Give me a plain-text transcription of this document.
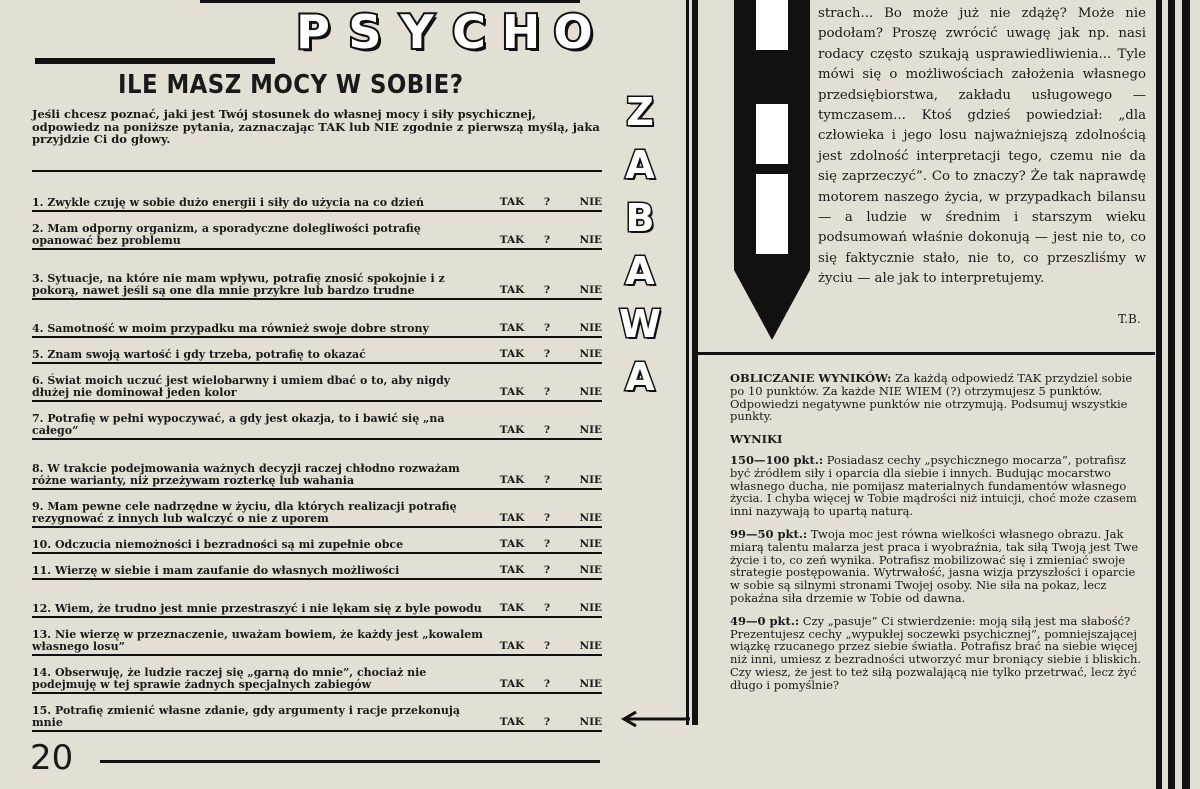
P S Y C H O
ILE MASZ MOCY W SOBIE?
Jeśli chcesz poznać, jaki jest Twój stosunek do własnej mocy i siły psychicznej, odpowiedz na poniższe pytania, zaznaczając TAK lub NIE zgodnie z pierwszą myślą, jaka przyjdzie Ci do głowy.
1. Zwykle czuję w sobie dużo energii i siły do użycia na co dzień	TAK	?	NIE
2. Mam odporny organizm, a sporadyczne dolegliwości potrafię opanować bez problemu	TAK	?	NIE
3. Sytuacje, na które nie mam wpływu, potrafię znosić spokojnie i z pokorą, nawet jeśli są one dla mnie przykre lub bardzo trudne	TAK	?	NIE
4. Samotność w moim przypadku ma również swoje dobre strony	TAK	?	NIE
5. Znam swoją wartość i gdy trzeba, potrafię to okazać	TAK	?	NIE
6. Świat moich uczuć jest wielobarwny i umiem dbać o to, aby nigdy dłużej nie dominował jeden kolor	TAK	?	NIE
7. Potrafię w pełni wypoczywać, a gdy jest okazja, to i bawić się „na całego”	TAK	?	NIE
8. W trakcie podejmowania ważnych decyzji raczej chłodno rozważam różne warianty, niż przeżywam rozterkę lub wahania	TAK	?	NIE
9. Mam pewne cele nadrzędne w życiu, dla których realizacji potrafię rezygnować z innych lub walczyć o nie z uporem	TAK	?	NIE
10. Odczucia niemożności i bezradności są mi zupełnie obce	TAK	?	NIE
11. Wierzę w siebie i mam zaufanie do własnych możliwości	TAK	?	NIE
12. Wiem, że trudno jest mnie przestraszyć i nie lękam się z byle powodu	TAK	?	NIE
13. Nie wierzę w przeznaczenie, uważam bowiem, że każdy jest „kowalem własnego losu”	TAK	?	NIE
14. Obserwuję, że ludzie raczej się „garną do mnie”, chociaż nie podejmuję w tej sprawie żadnych specjalnych zabiegów	TAK	?	NIE
15. Potrafię zmienić własne zdanie, gdy argumenty i racje przekonują mnie	TAK	?	NIE
20
Z
A
B
A
W
A
strach... Bo może już nie zdążę? Może nie podołam? Proszę zwrócić uwagę jak np. nasi rodacy często szukają usprawiedliwienia... Tyle mówi się o możliwościach założenia własnego przedsiębiorstwa, zakładu usługowego — tymczasem... Ktoś gdzieś powiedział: „dla człowieka i jego losu najważniejszą zdolnością jest zdolność interpretacji tego, czemu nie da się zaprzeczyć”. Co to znaczy? Że tak naprawdę motorem naszego życia, w przypadkach bilansu — a ludzie w średnim i starszym wieku podsumowań właśnie dokonują — jest nie to, co się faktycznie stało, nie to, co przeszliśmy w życiu — ale jak to interpretujemy.
T.B.

OBLICZANIE WYNIKÓW: Za każdą odpowiedź TAK przydziel sobie po 10 punktów. Za każde NIE WIEM (?) otrzymujesz 5 punktów. Odpowiedzi negatywne punktów nie otrzymują. Podsumuj wszystkie punkty.

WYNIKI

150—100 pkt.: Posiadasz cechy „psychicznego mocarza”, potrafisz być źródłem siły i oparcia dla siebie i innych. Budując mocarstwo własnego ducha, nie pomijasz materialnych fundamentów własnego życia. I chyba więcej w Tobie mądrości niż intuicji, choć może czasem inni nazywają to upartą naturą.

99—50 pkt.: Twoja moc jest równa wielkości własnego obrazu. Jak miarą talentu malarza jest praca i wyobraźnia, tak siłą Twoją jest Twe życie i to, co zeń wynika. Potrafisz mobilizować się i zmieniać swoje strategie postępowania. Wytrwałość, jasna wizja przyszłości i oparcie w sobie są silnymi stronami Twojej osoby. Nie siła na pokaz, lecz pokaźna siła drzemie w Tobie od dawna.

49—0 pkt.: Czy „pasuje” Ci stwierdzenie: moją siłą jest ma słabość? Prezentujesz cechy „wypukłej soczewki psychicznej”, pomniejszającej wiązkę rzucanego przez siebie światła. Potrafisz brać na siebie więcej niż inni, umiesz z bezradności utworzyć mur broniący siebie i bliskich. Czy wiesz, że jest to też siłą pozwalającą nie tylko przetrwać, lecz żyć długo i pomyślnie?
